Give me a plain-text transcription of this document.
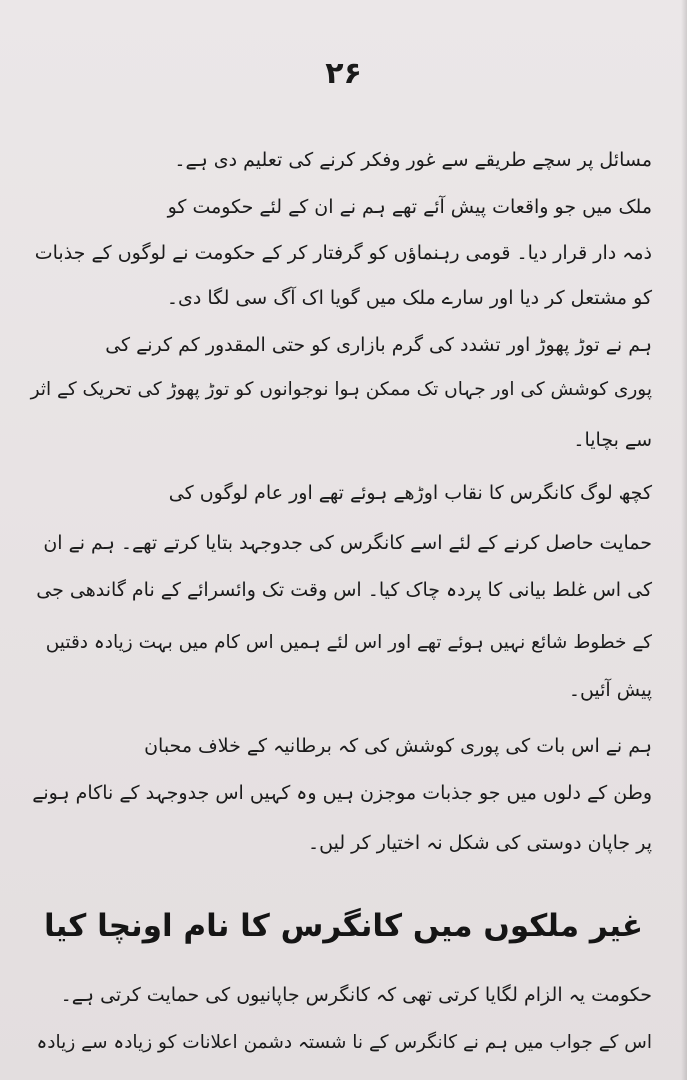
۲۶
مسائل پر سچے طریقے سے غور وفکر کرنے کی تعلیم دی ہے۔
ملک میں جو واقعات پیش آئے تھے ہم نے ان کے لئے حکومت کو
ذمہ دار قرار دیا۔ قومی رہنماؤں کو گرفتار کر کے حکومت نے لوگوں کے جذبات
کو مشتعل کر دیا اور سارے ملک میں گویا اک آگ سی لگا دی۔
ہم نے توڑ پھوڑ اور تشدد کی گرم بازاری کو حتی المقدور کم کرنے کی
پوری کوشش کی اور جہاں تک ممکن ہوا نوجوانوں کو توڑ پھوڑ کی تحریک کے اثر
سے بچایا۔
کچھ لوگ کانگرس کا نقاب اوڑھے ہوئے تھے اور عام لوگوں کی
حمایت حاصل کرنے کے لئے اسے کانگرس کی جدوجہد بتایا کرتے تھے۔ ہم نے ان
کی اس غلط بیانی کا پردہ چاک کیا۔ اس وقت تک وائسرائے کے نام گاندھی جی
کے خطوط شائع نہیں ہوئے تھے اور اس لئے ہمیں اس کام میں بہت زیادہ دقتیں
پیش آئیں۔
ہم نے اس بات کی پوری کوشش کی کہ برطانیہ کے خلاف محبان
وطن کے دلوں میں جو جذبات موجزن ہیں وہ کہیں اس جدوجہد کے ناکام ہونے
پر جاپان دوستی کی شکل نہ اختیار کر لیں۔
غیر ملکوں میں کانگرس کا نام اونچا کیا
حکومت یہ الزام لگایا کرتی تھی کہ کانگرس جاپانیوں کی حمایت کرتی ہے۔
اس کے جواب میں ہم نے کانگرس کے نا شستہ دشمن اعلانات کو زیادہ سے زیادہ
